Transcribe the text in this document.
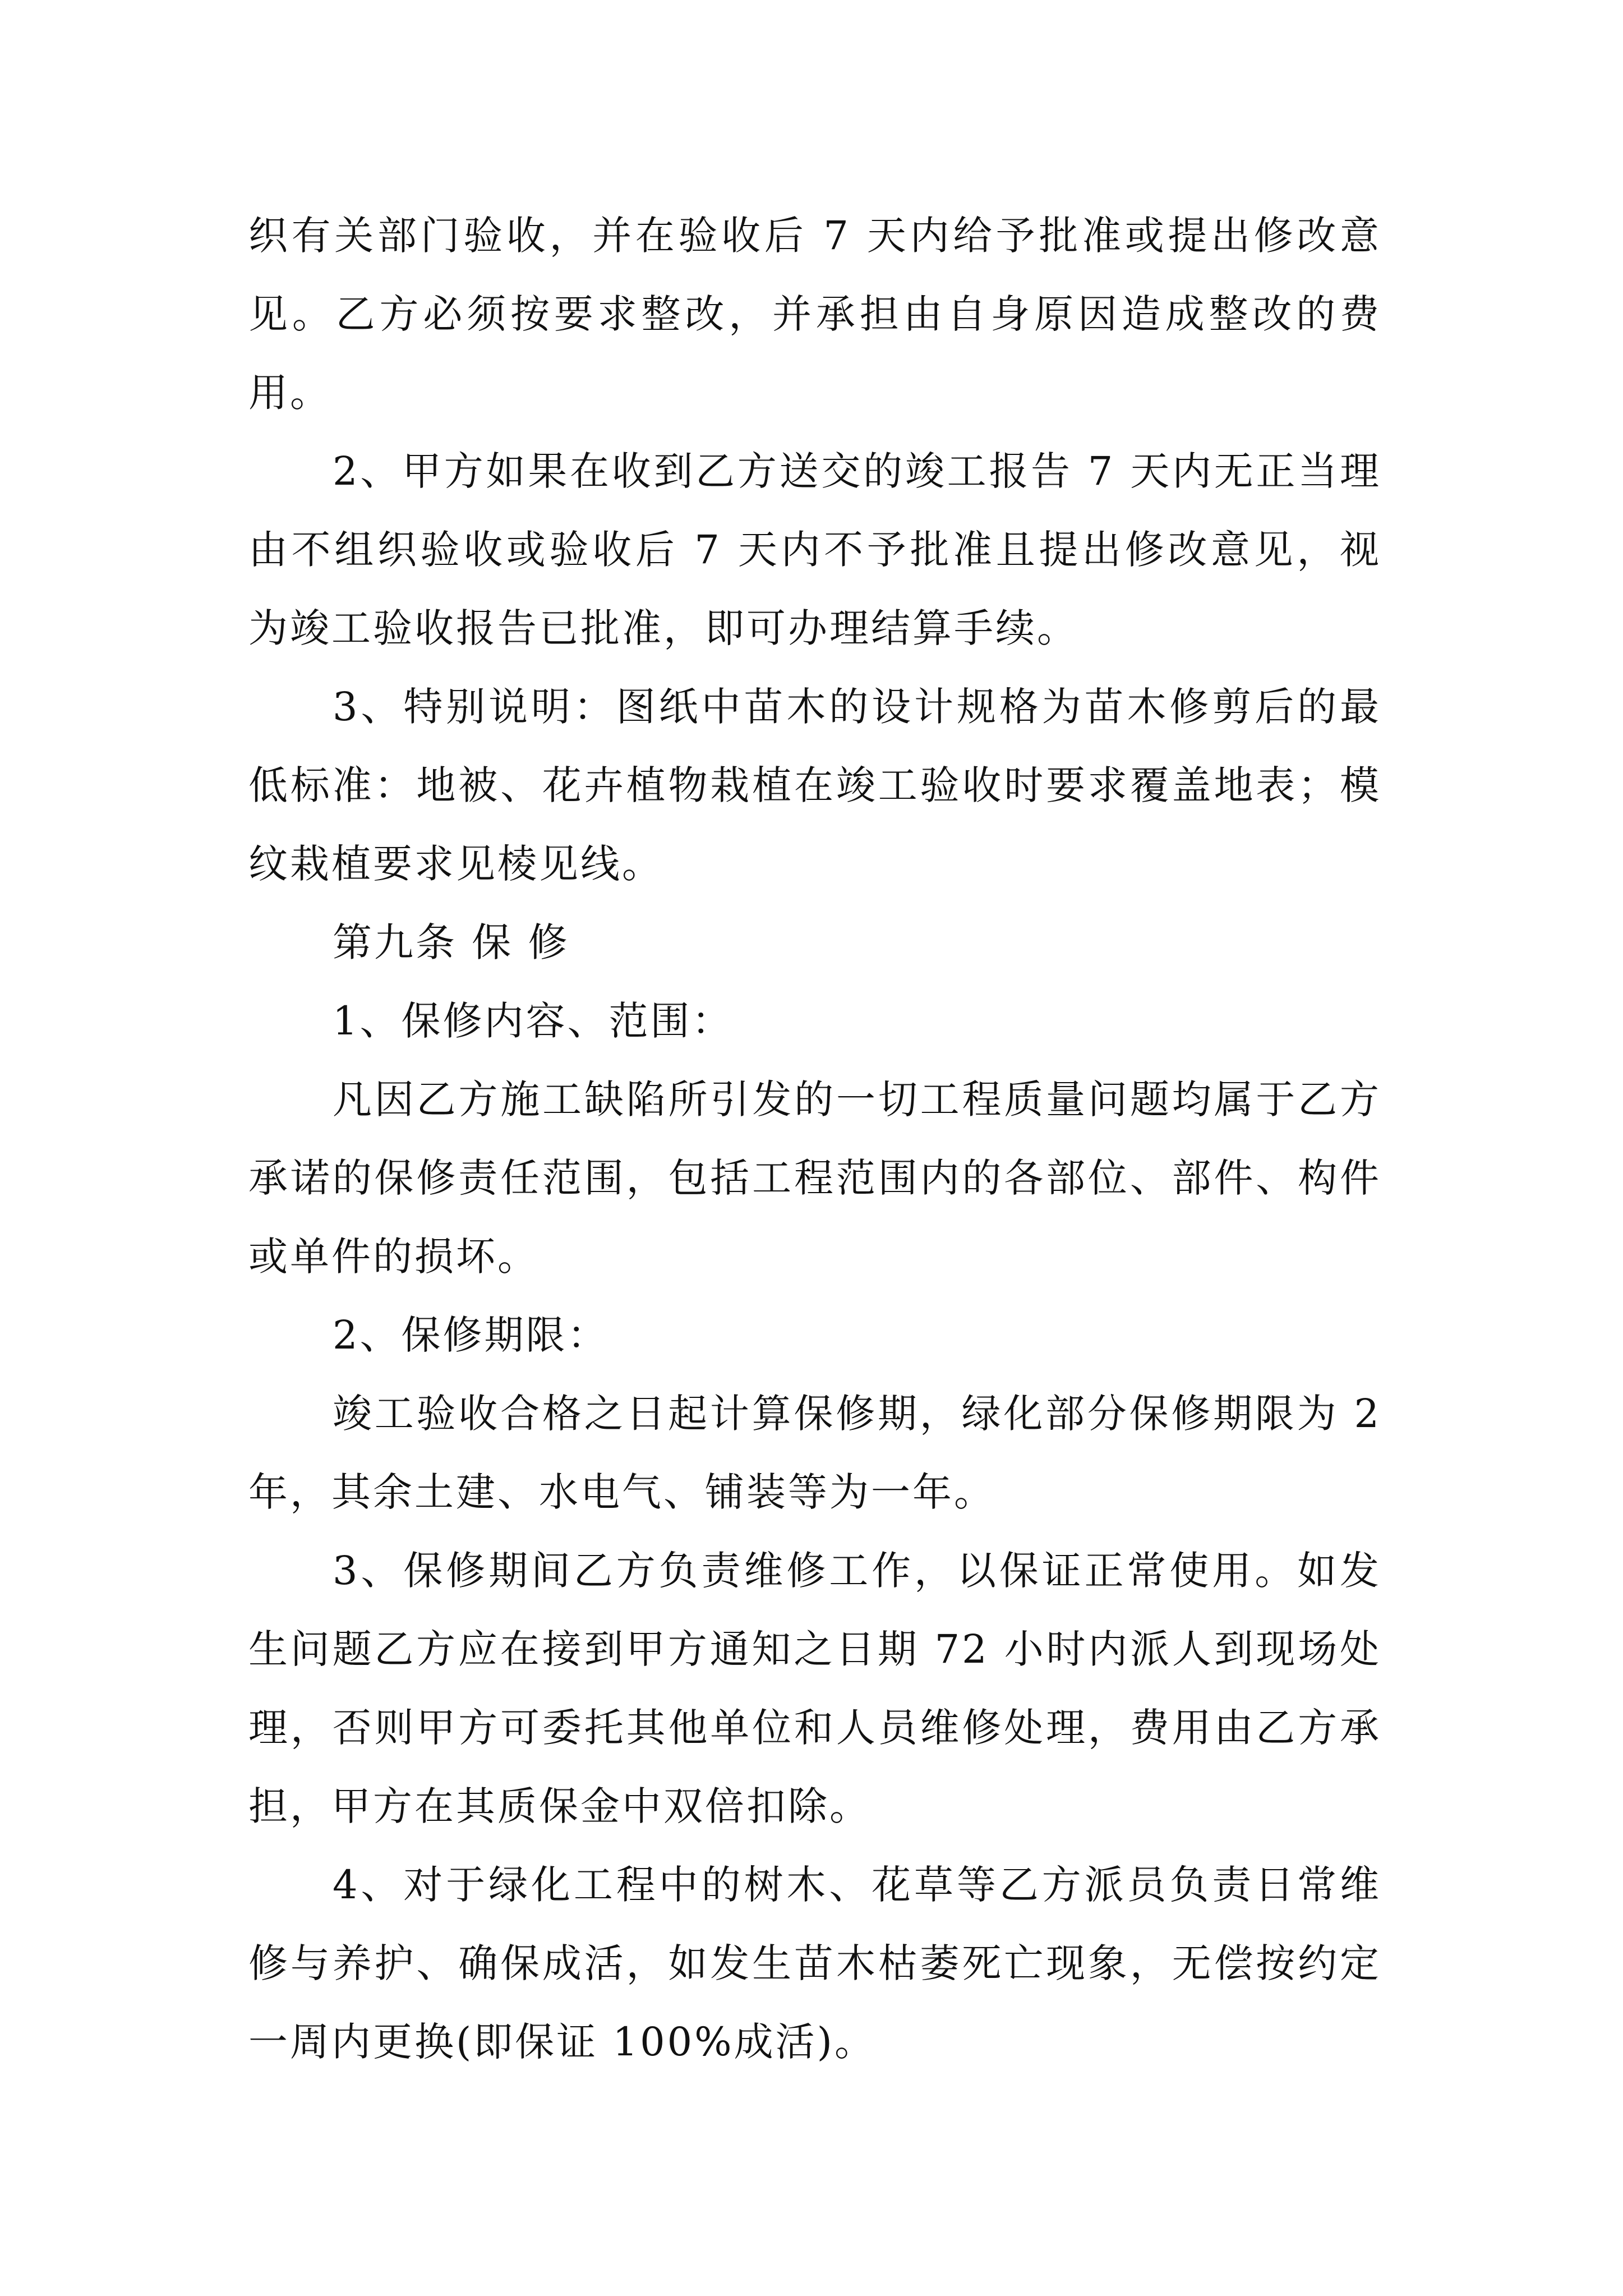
织有关部门验收，并在验收后 7 天内给予批准或提出修改意见。乙方必须按要求整改，并承担由自身原因造成整改的费用。

2、甲方如果在收到乙方送交的竣工报告 7 天内无正当理由不组织验收或验收后 7 天内不予批准且提出修改意见，视为竣工验收报告已批准，即可办理结算手续。

3、特别说明：图纸中苗木的设计规格为苗木修剪后的最低标准：地被、花卉植物栽植在竣工验收时要求覆盖地表；模纹栽植要求见棱见线。

第九条 保 修

1、保修内容、范围：

凡因乙方施工缺陷所引发的一切工程质量问题均属于乙方承诺的保修责任范围，包括工程范围内的各部位、部件、构件或单件的损坏。

2、保修期限：

竣工验收合格之日起计算保修期，绿化部分保修期限为 2 年，其余土建、水电气、铺装等为一年。

3、保修期间乙方负责维修工作，以保证正常使用。如发生问题乙方应在接到甲方通知之日期 72 小时内派人到现场处理，否则甲方可委托其他单位和人员维修处理，费用由乙方承担，甲方在其质保金中双倍扣除。

4、对于绿化工程中的树木、花草等乙方派员负责日常维修与养护、确保成活，如发生苗木枯萎死亡现象，无偿按约定一周内更换(即保证 100%成活)。
